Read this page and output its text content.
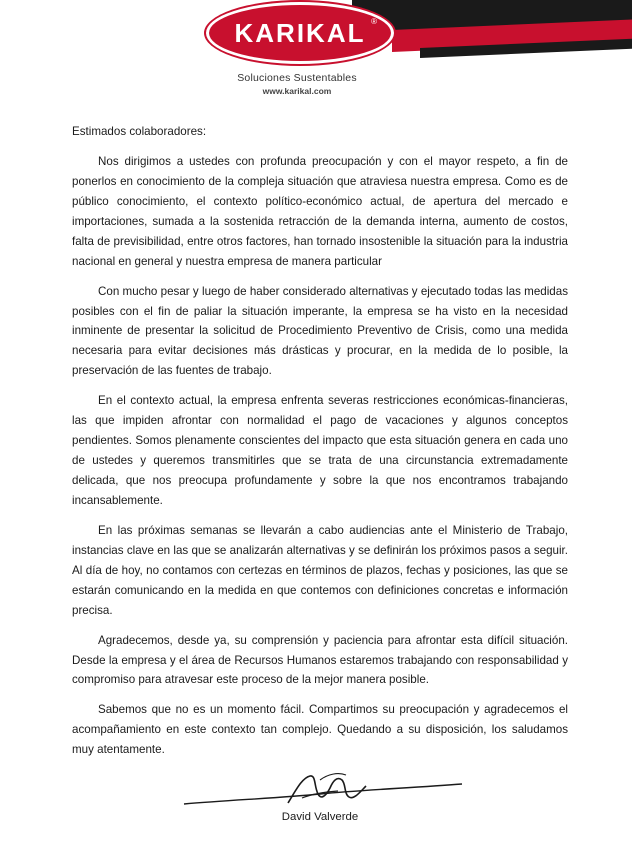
KARIKAL ®
Soluciones Sustentables
www.karikal.com
Estimados colaboradores:

Nos dirigimos a ustedes con profunda preocupación y con el mayor respeto, a fin de ponerlos en conocimiento de la compleja situación que atraviesa nuestra empresa. Como es de público conocimiento, el contexto político-económico actual, de apertura del mercado e importaciones, sumada a la sostenida retracción de la demanda interna, aumento de costos, falta de previsibilidad, entre otros factores, han tornado insostenible la situación para la industria nacional en general y nuestra empresa de manera particular

Con mucho pesar y luego de haber considerado alternativas y ejecutado todas las medidas posibles con el fin de paliar la situación imperante, la empresa se ha visto en la necesidad inminente de presentar la solicitud de Procedimiento Preventivo de Crisis, como una medida necesaria para evitar decisiones más drásticas y procurar, en la medida de lo posible, la preservación de las fuentes de trabajo.

En el contexto actual, la empresa enfrenta severas restricciones económicas-financieras, las que impiden afrontar con normalidad el pago de vacaciones y algunos conceptos pendientes. Somos plenamente conscientes del impacto que esta situación genera en cada uno de ustedes y queremos transmitirles que se trata de una circunstancia extremadamente delicada, que nos preocupa profundamente y sobre la que nos encontramos trabajando incansablemente.

En las próximas semanas se llevarán a cabo audiencias ante el Ministerio de Trabajo, instancias clave en las que se analizarán alternativas y se definirán los próximos pasos a seguir. Al día de hoy, no contamos con certezas en términos de plazos, fechas y posiciones, las que se estarán comunicando en la medida en que contemos con definiciones concretas e información precisa.

Agradecemos, desde ya, su comprensión y paciencia para afrontar esta difícil situación. Desde la empresa y el área de Recursos Humanos estaremos trabajando con responsabilidad y compromiso para atravesar este proceso de la mejor manera posible.

Sabemos que no es un momento fácil. Compartimos su preocupación y agradecemos el acompañamiento en este contexto tan complejo. Quedando a su disposición, los saludamos muy atentamente.

David Valverde
